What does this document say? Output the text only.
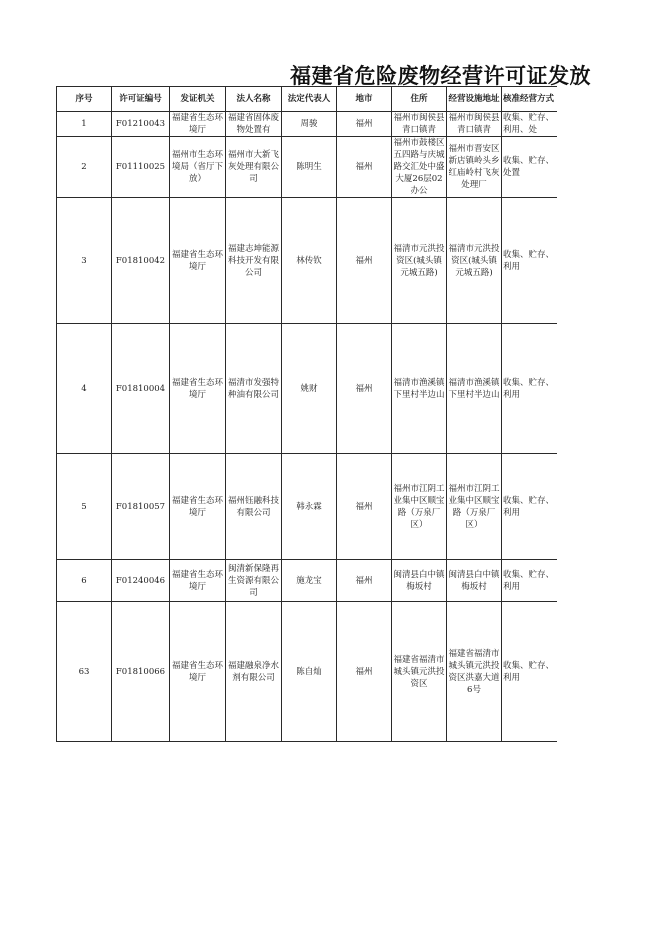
福建省危险废物经营许可证发放
序号	许可证编号	发证机关	法人名称	法定代表人	地市	住所	经营设施地址	核准经营方式
1	F01210043	福建省生态环境厅	福建省固体废物处置有	周骏	福州	福州市闽侯县青口镇青	福州市闽侯县青口镇青	收集、贮存、利用、处
2	F01110025	福州市生态环境局（省厅下放）	福州市大新飞灰处理有限公司	陈明生	福州	福州市鼓楼区五四路与庆城路交汇处中盛大厦26层02办公	福州市晋安区新店镇岭头乡红庙岭村飞灰处理厂	收集、贮存、处置
3	F01810042	福建省生态环境厅	福建志坤能源科技开发有限公司	林传钦	福州	福清市元洪投资区(城头镇元城五路)	福清市元洪投资区(城头镇元城五路)	收集、贮存、利用
4	F01810004	福建省生态环境厅	福清市发强特种油有限公司	姚财	福州	福清市渔溪镇下里村半边山	福清市渔溪镇下里村半边山	收集、贮存、利用
5	F01810057	福建省生态环境厅	福州钰融科技有限公司	韩永霖	福州	福州市江阴工业集中区顺宝路（万泉厂区）	福州市江阴工业集中区顺宝路（万泉厂区）	收集、贮存、利用
6	F01240046	福建省生态环境厅	闽清新保隆再生资源有限公司	施龙宝	福州	闽清县白中镇梅坂村	闽清县白中镇梅坂村	收集、贮存、利用
63	F01810066	福建省生态环境厅	福建融泉净水剂有限公司	陈自灿	福州	福建省福清市城头镇元洪投资区	福建省福清市城头镇元洪投资区洪嘉大道6号	收集、贮存、利用
